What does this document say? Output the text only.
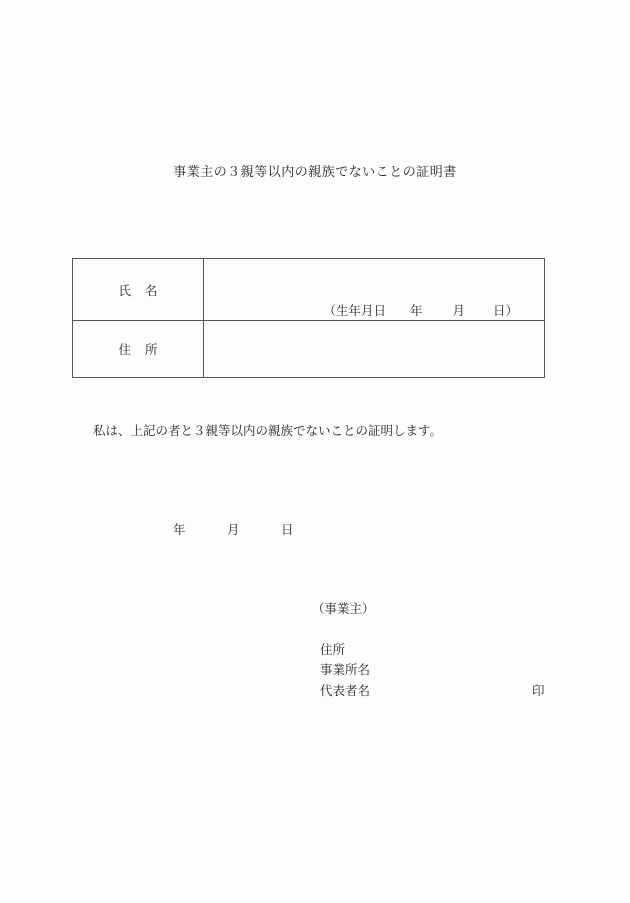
事業主の３親等以内の親族でないことの証明書
氏名
（生年月日 年 月 日）
住所
私は、上記の者と３親等以内の親族でないことの証明します。
年	月	日
（事業主）
住所
事業所名
代表者名	印
